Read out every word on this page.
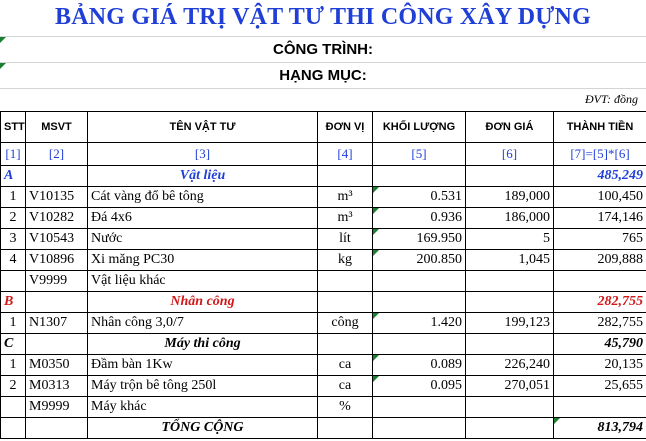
BẢNG GIÁ TRỊ VẬT TƯ THI CÔNG XÂY DỰNG
CÔNG TRÌNH:
HẠNG MỤC:
ĐVT: đồng
STT	MSVT	TÊN VẬT TƯ	ĐƠN VỊ	KHỐI LƯỢNG	ĐƠN GIÁ	THÀNH TIỀN
[1]	[2]	[3]	[4]	[5]	[6]	[7]=[5]*[6]
A		Vật liệu				485,249
1	V10135	Cát vàng đổ bê tông	m³	0.531	189,000	100,450
2	V10282	Đá 4x6	m³	0.936	186,000	174,146
3	V10543	Nước	lít	169.950	5	765
4	V10896	Xi măng PC30	kg	200.850	1,045	209,888
	V9999	Vật liệu khác				
B		Nhân công				282,755
1	N1307	Nhân công 3,0/7	công	1.420	199,123	282,755
C		Máy thi công				45,790
1	M0350	Đầm bàn 1Kw	ca	0.089	226,240	20,135
2	M0313	Máy trộn bê tông 250l	ca	0.095	270,051	25,655
	M9999	Máy khác	%			
		TỔNG CỘNG				813,794
